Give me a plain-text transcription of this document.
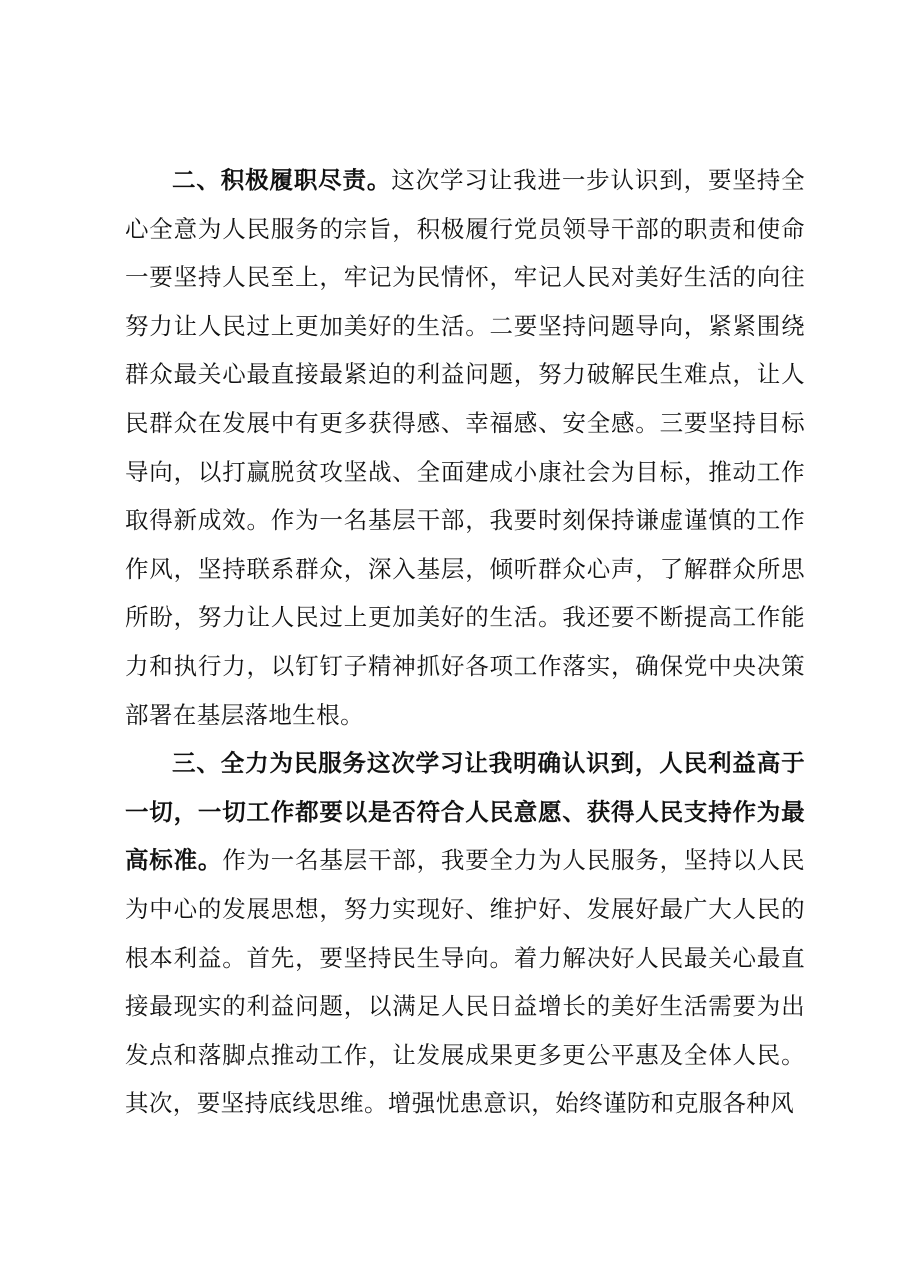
二、积极履职尽责。这次学习让我进一步认识到，要坚持全心全意为人民服务的宗旨，积极履行党员领导干部的职责和使命一要坚持人民至上，牢记为民情怀，牢记人民对美好生活的向往努力让人民过上更加美好的生活。二要坚持问题导向，紧紧围绕群众最关心最直接最紧迫的利益问题，努力破解民生难点，让人民群众在发展中有更多获得感、幸福感、安全感。三要坚持目标导向，以打赢脱贫攻坚战、全面建成小康社会为目标，推动工作取得新成效。作为一名基层干部，我要时刻保持谦虚谨慎的工作作风，坚持联系群众，深入基层，倾听群众心声，了解群众所思所盼，努力让人民过上更加美好的生活。我还要不断提高工作能力和执行力，以钉钉子精神抓好各项工作落实，确保党中央决策部署在基层落地生根。

三、全力为民服务这次学习让我明确认识到，人民利益高于一切，一切工作都要以是否符合人民意愿、获得人民支持作为最高标准。作为一名基层干部，我要全力为人民服务，坚持以人民为中心的发展思想，努力实现好、维护好、发展好最广大人民的根本利益。首先，要坚持民生导向。着力解决好人民最关心最直接最现实的利益问题，以满足人民日益增长的美好生活需要为出发点和落脚点推动工作，让发展成果更多更公平惠及全体人民。其次，要坚持底线思维。增强忧患意识，始终谨防和克服各种风
